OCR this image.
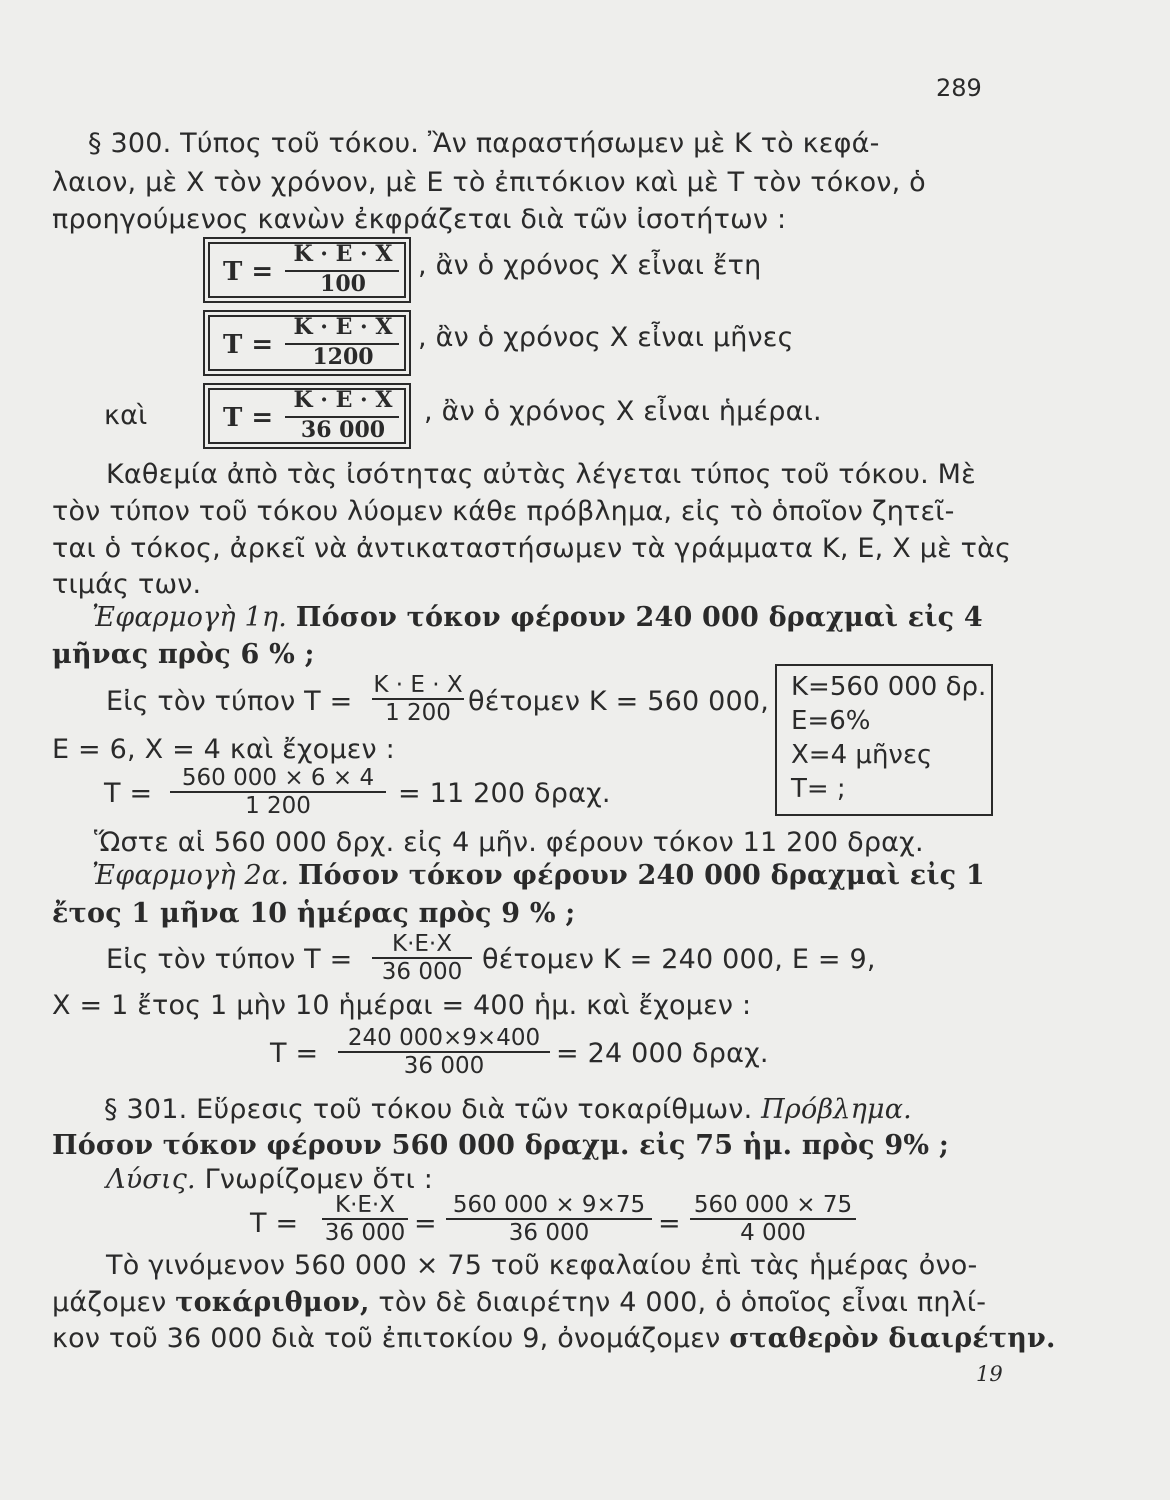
289
§ 300. Τύπος τοῦ τόκου. Ἂν παραστήσωμεν μὲ Κ τὸ κεφά-
λαιον, μὲ Χ τὸν χρόνον, μὲ Ε τὸ ἐπιτόκιον καὶ μὲ Τ τὸν τόκον, ὁ
προηγούμενος κανὼν ἐκφράζεται διὰ τῶν ἰσοτήτων :
T =
K · E · X
100
, ἂν ὁ χρόνος Χ εἶναι ἔτη
T =
K · E · X
1200
, ἂν ὁ χρόνος Χ εἶναι μῆνες
καὶ	T =
K · E · X
36 000
, ἂν ὁ χρόνος Χ εἶναι ἡμέραι.
Καθεμία ἀπὸ τὰς ἰσότητας αὐτὰς λέγεται τύπος τοῦ τόκου. Μὲ
τὸν τύπον τοῦ τόκου λύομεν κάθε πρόβλημα, εἰς τὸ ὁποῖον ζητεῖ-
ται ὁ τόκος, ἀρκεῖ νὰ ἀντικαταστήσωμεν τὰ γράμματα Κ, Ε, Χ μὲ τὰς
τιμάς των.
Ἐφαρμογὴ 1η. Πόσον τόκον φέρουν 240 000 δραχμαὶ εἰς 4
μῆνας πρὸς 6 % ;
Εἰς τὸν τύπον $T = \frac{K \cdot E \cdot X}{1 200}$ θέτομεν Κ = 560 000,
Ε = 6, Χ = 4 καὶ ἔχομεν :
$T = \frac{560 000 \times 6 \times 4}{1 200} = 11$ 200 δραχ.
Κ=560 000 δρ.
Ε=6%
Χ=4 μῆνες
Τ= ;
Ὥστε αἱ 560 000 δρχ. εἰς 4 μῆν. φέρουν τόκον 11 200 δραχ.
Ἐφαρμογὴ 2α. Πόσον τόκον φέρουν 240 000 δραχμαὶ εἰς 1
ἔτος 1 μῆνα 10 ἡμέρας πρὸς 9 % ;
Εἰς τὸν τύπον $T = \frac{K\cdot E\cdot X}{36 000}$ θέτομεν Κ = 240 000, Ε = 9,
Χ = 1 ἔτος 1 μὴν 10 ἡμέραι = 400 ἡμ. καὶ ἔχομεν :
$T = \frac{240 000\times 9\times 400}{36 000} = 24$ 000 δραχ.
§ 301. Εὕρεσις τοῦ τόκου διὰ τῶν τοκαρίθμων. Πρόβλημα.
Πόσον τόκον φέρουν 560 000 δραχμ. εἰς 75 ἡμ. πρὸς 9% ;
Λύσις. Γνωρίζομεν ὅτι :
$T = \frac{K\cdot E\cdot X}{36 000} = \frac{560 000 \times 9\times 75}{36 000} = \frac{560 000 \times 75}{4 000}$
Τὸ γινόμενον 560 000 × 75 τοῦ κεφαλαίου ἐπὶ τὰς ἡμέρας ὀνο-
μάζομεν τοκάριθμον, τὸν δὲ διαιρέτην 4 000, ὁ ὁποῖος εἶναι πηλί-
κον τοῦ 36 000 διὰ τοῦ ἐπιτοκίου 9, ὀνομάζομεν σταθερὸν διαιρέτην.
19
